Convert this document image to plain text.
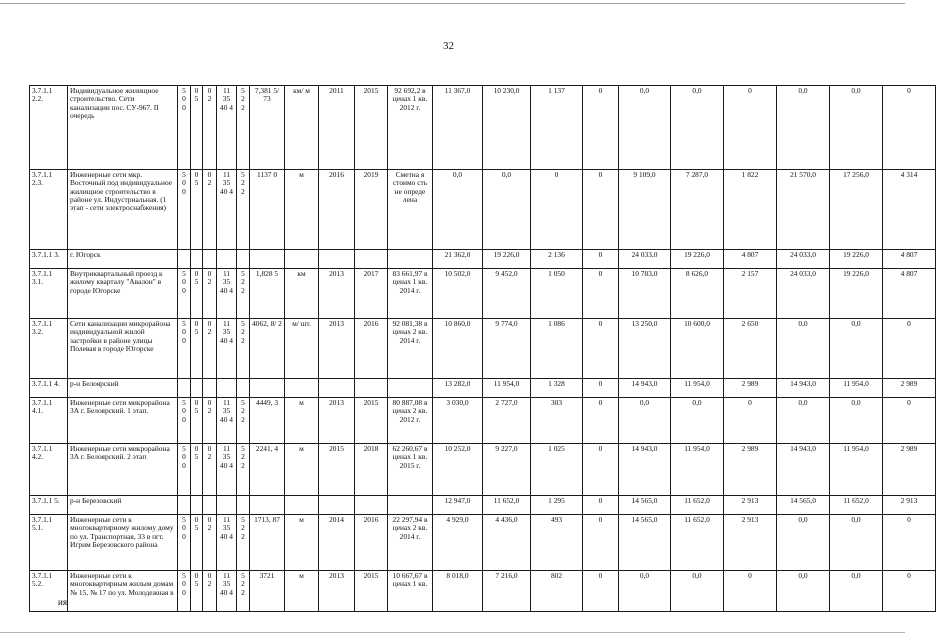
32
3.7.1.1 2.2.	Индивидуальное жилищное строительство. Сети канализации пос. СУ-967. II очередь	5 0 0	0 5	0 2	11 35 40 4	5 2 2	7,381 5/ 73	км/ м	2011	2015	92 692,2 в ценах 1 кв. 2012 г.	11 367,0	10 230,0	1 137	0	0,0	0,0	0	0,0	0,0	0
3.7.1.1 2.3.	Инженерные сети мкр. Восточный под индивидуальное жилищное строительство в районе ул. Индустриальная. (1 этап - сети электроснабжения)	5 0 0	0 5	0 2	11 35 40 4	5 2 2	1137 0	м	2016	2019	Сметна я стоимо сть не опреде лена	0,0	0,0	0	0	9 109,0	7 287,0	1 822	21 570,0	17 256,0	4 314
3.7.1.1 3.	г. Югорск											21 362,0	19 226,0	2 136	0	24 033,0	19 226,0	4 807	24 033,0	19 226,0	4 807
3.7.1.1 3.1.	Внутриквартальный проезд к жилому кварталу "Авалон" в городе Югорске	5 0 0	0 5	0 2	11 35 40 4	5 2 2	1,828 5	км	2013	2017	83 661,97 в ценах 1 кв. 2014 г.	10 502,0	9 452,0	1 050	0	10 783,0	8 626,0	2 157	24 033,0	19 226,0	4 807
3.7.1.1 3.2.	Сети канализации микрорайона индивидуальной жилой застройки в районе улицы Полевая в городе Югорске	5 0 0	0 5	0 2	11 35 40 4	5 2 2	4062, 8/ 2	м/ шт.	2013	2016	92 081,38 в ценах 2 кв. 2014 г.	10 860,0	9 774,0	1 086	0	13 250,0	10 600,0	2 650	0,0	0,0	0
3.7.1.1 4.	р-н Белоярский											13 282,0	11 954,0	1 328	0	14 943,0	11 954,0	2 989	14 943,0	11 954,0	2 989
3.7.1.1 4.1.	Инженерные сети микрорайона 3А г. Белоярский. 1 этап.	5 0 0	0 5	0 2	11 35 40 4	5 2 2	4449, 3	м	2013	2015	80 887,08 в ценах 2 кв. 2012 г.	3 030,0	2 727,0	303	0	0,0	0,0	0	0,0	0,0	0
3.7.1.1 4.2.	Инженерные сети микрорайона 3А г. Белоярский. 2 этап	5 0 0	0 5	0 2	11 35 40 4	5 2 2	2241, 4	м	2015	2018	62 260,67 в ценах 1 кв. 2015 г.	10 252,0	9 227,0	1 025	0	14 943,0	11 954,0	2 989	14 943,0	11 954,0	2 989
3.7.1.1 5.	р-н Березовский											12 947,0	11 652,0	1 295	0	14 565,0	11 652,0	2 913	14 565,0	11 652,0	2 913
3.7.1.1 5.1.	Инженерные сети к многоквартирному жилому дому по ул. Транспортная, 33 в пгт. Игрим Березовского района	5 0 0	0 5	0 2	11 35 40 4	5 2 2	1713, 87	м	2014	2016	22 297,94 в ценах 2 кв. 2014 г.	4 929,0	4 436,0	493	0	14 565,0	11 652,0	2 913	0,0	0,0	0
3.7.1.1 5.2.	Инженерные сети к многоквартирным жилым домам № 15, № 17 по ул. Молодежная в	5 0 0	0 5	0 2	11 35 40 4	5 2 2	3721	м	2013	2015	10 667,67 в ценах 1 кв.	8 018,0	7 216,0	802	0	0,0	0,0	0	0,0	0,0	0
ия
